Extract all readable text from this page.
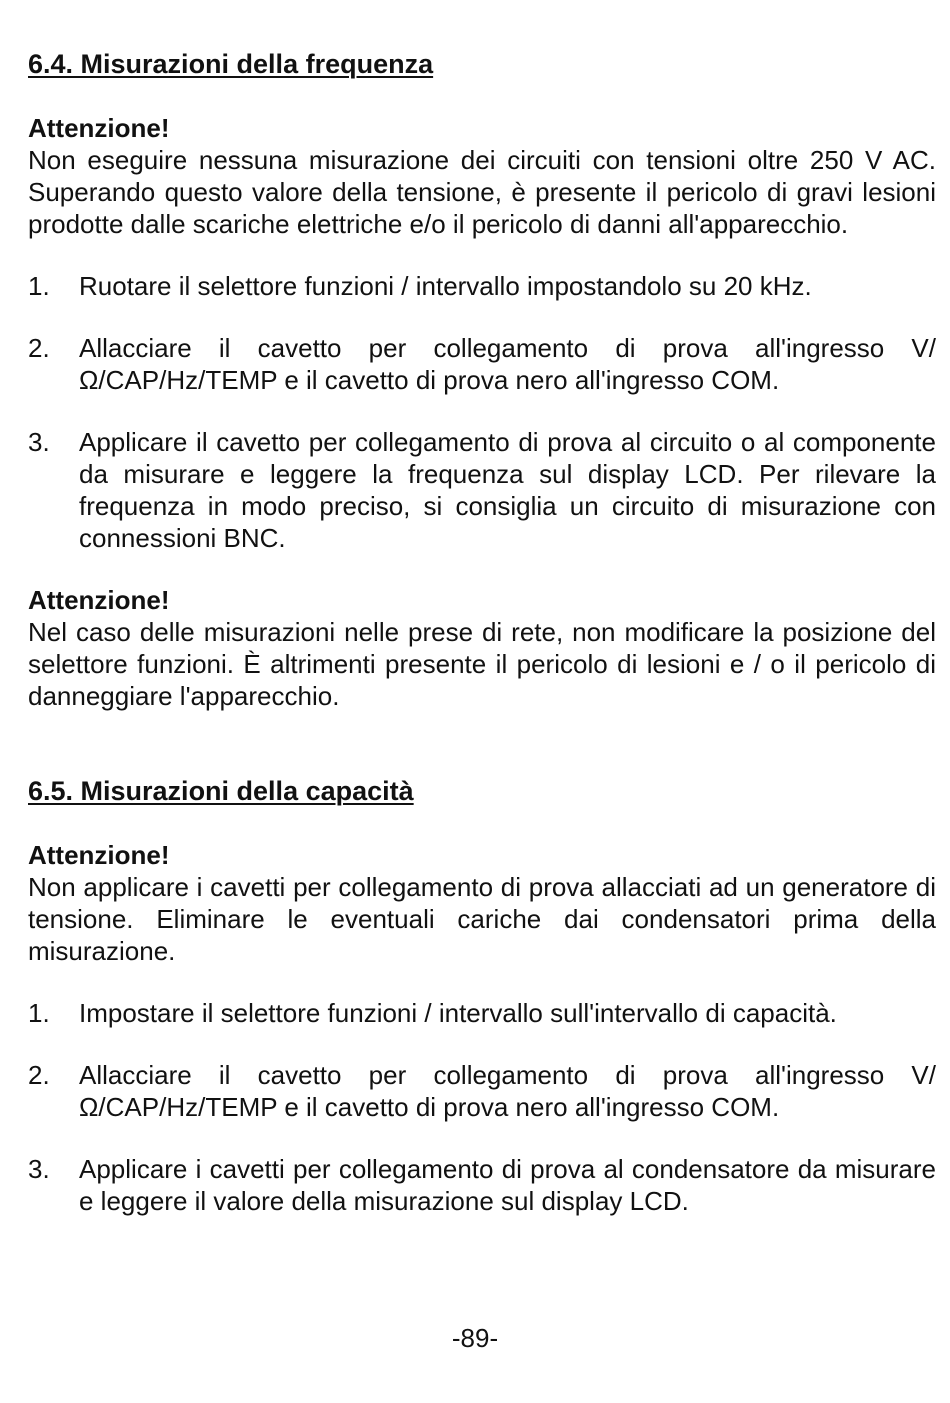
6.4. Misurazioni della frequenza
Attenzione!

Non eseguire nessuna misurazione dei circuiti con tensioni oltre 250 V AC. Superando questo valore della tensione, è presente il pericolo di gravi lesioni prodotte dalle scariche elettriche e/o il pericolo di danni all'apparecchio.

1.	Ruotare il selettore funzioni / intervallo impostandolo su 20 kHz.
2.	Allacciare il cavetto per collegamento di prova all'ingresso V/Ω/CAP/Hz/TEMP e il cavetto di prova nero all'ingresso COM.
3.	Applicare il cavetto per collegamento di prova al circuito o al componente da misurare e leggere la frequenza sul display LCD. Per rilevare la frequenza in modo preciso, si consiglia un circuito di misurazione con connessioni BNC.
Attenzione!

Nel caso delle misurazioni nelle prese di rete, non modificare la posizione del selettore funzioni. È altrimenti presente il pericolo di lesioni e / o il pericolo di danneggiare l'apparecchio.

6.5. Misurazioni della capacità
Attenzione!

Non applicare i cavetti per collegamento di prova allacciati ad un generatore di tensione. Eliminare le eventuali cariche dai condensatori prima della misurazione.

1.	Impostare il selettore funzioni / intervallo sull'intervallo di capacità.
2.	Allacciare il cavetto per collegamento di prova all'ingresso V/Ω/CAP/Hz/TEMP e il cavetto di prova nero all'ingresso COM.
3.	Applicare i cavetti per collegamento di prova al condensatore da misurare e leggere il valore della misurazione sul display LCD.
-89-
